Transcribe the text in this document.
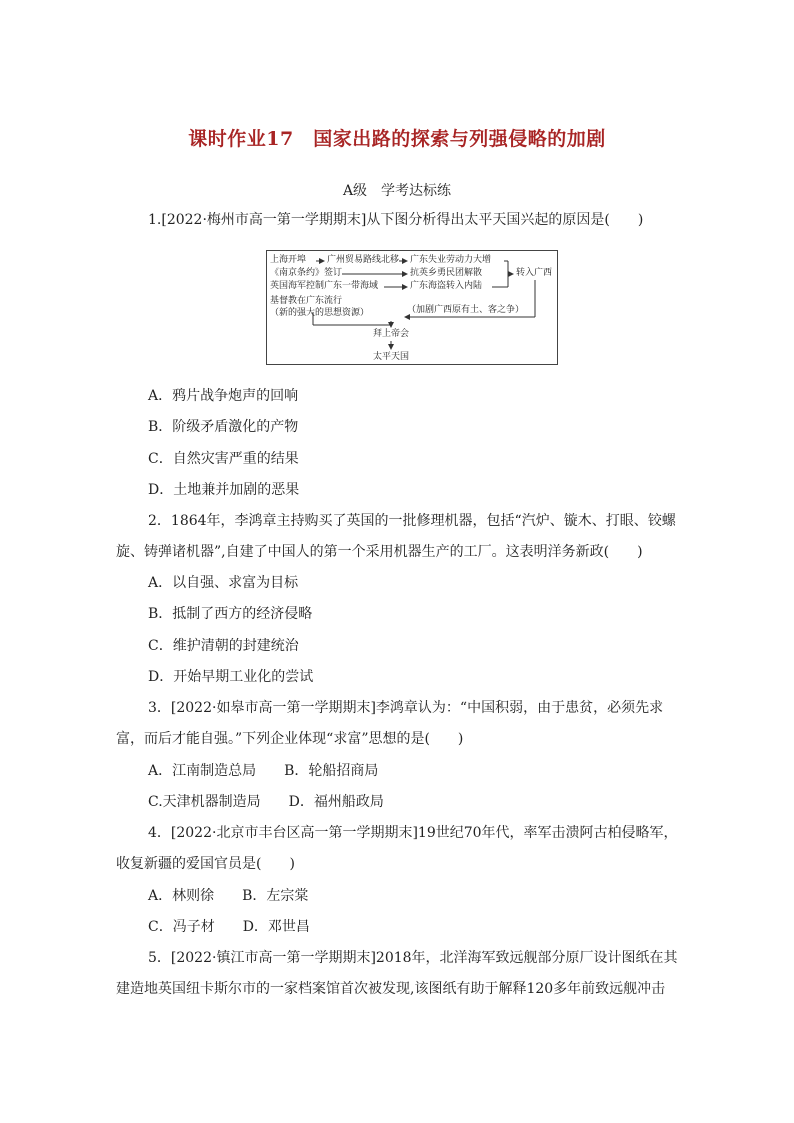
课时作业17　国家出路的探索与列强侵略的加剧
A级　学考达标练
1.[2022·梅州市高一第一学期期末]从下图分析得出太平天国兴起的原因是(　　)
上海开埠 广州贸易路线北移 广东失业劳动力大增
《南京条约》签订	抗英乡勇民团解散
英国海军控制广东一带海域	广东海盗转入内陆
转入广西
基督教在广东流行
（新的强大的思想资源）	（加剧广西原有土、客之争）
拜上帝会
太平天国
A．鸦片战争炮声的回响
B．阶级矛盾激化的产物
C．自然灾害严重的结果
D．土地兼并加剧的恶果
2．1864年，李鸿章主持购买了英国的一批修理机器，包括“汽炉、镟木、打眼、铰螺
旋、铸弹诸机器”,自建了中国人的第一个采用机器生产的工厂。这表明洋务新政(　　)
A．以自强、求富为目标
B．抵制了西方的经济侵略
C．维护清朝的封建统治
D．开始早期工业化的尝试
3．[2022·如皋市高一第一学期期末]李鸿章认为：“中国积弱，由于患贫，必须先求
富，而后才能自强。”下列企业体现“求富”思想的是(　　)
A．江南制造总局　　B．轮船招商局
C.天津机器制造局　　D．福州船政局
4．[2022·北京市丰台区高一第一学期期末]19世纪70年代，率军击溃阿古柏侵略军，
收复新疆的爱国官员是(　　)
A．林则徐　　B．左宗棠
C．冯子材　　D．邓世昌
5．[2022·镇江市高一第一学期期末]2018年，北洋海军致远舰部分原厂设计图纸在其
建造地英国纽卡斯尔市的一家档案馆首次被发现,该图纸有助于解释120多年前致远舰冲击
